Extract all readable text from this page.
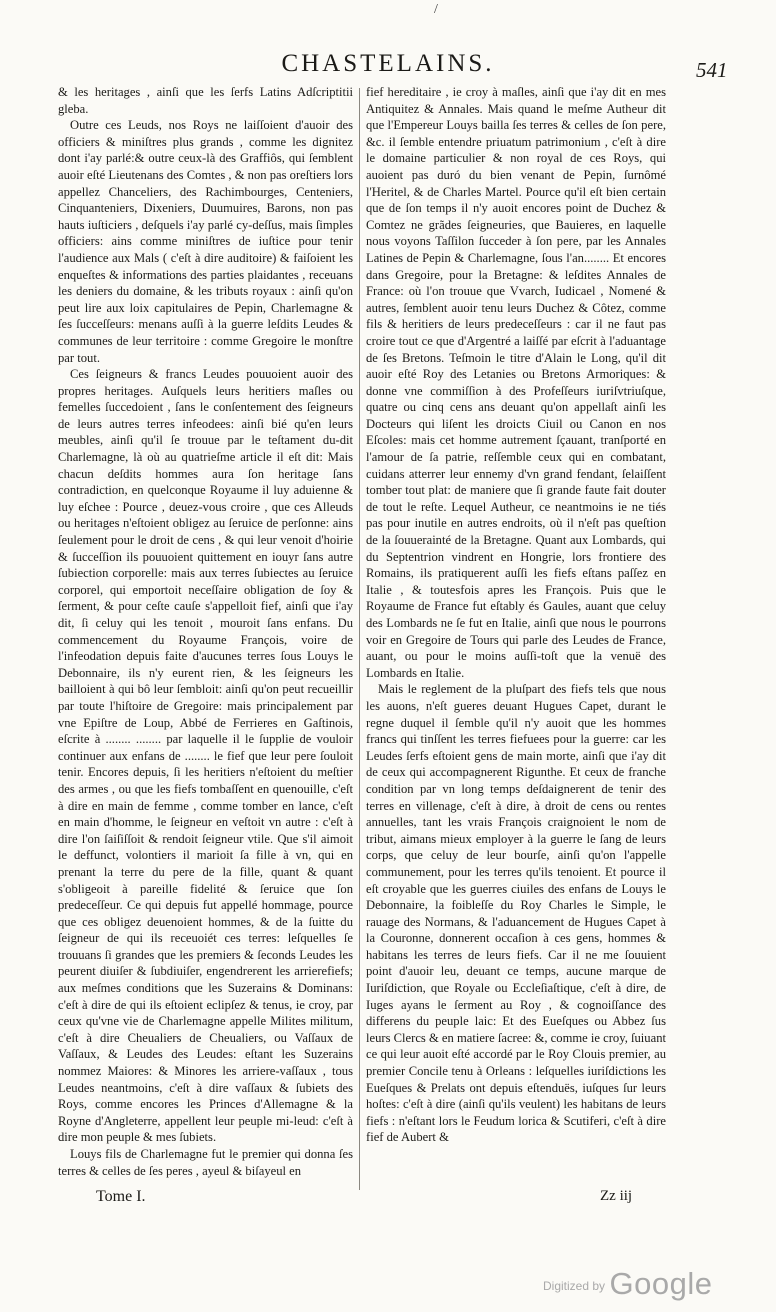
/
CHASTELAINS.	541

& les heritages , ainſi que les ſerfs Latins Adſcriptitii gleba.

Outre ces Leuds, nos Roys ne laiſſoient d'auoir des officiers & miniſtres plus grands , comme les dignitez dont i'ay parlé:& outre ceux-là des Graffiôs, qui ſemblent auoir eſté Lieutenans des Comtes , & non pas oreſtiers lors appellez Chanceliers, des Rachimbourges, Centeniers, Cinquanteniers, Dixeniers, Duumuires, Barons, non pas hauts iuſticiers , deſquels i'ay parlé cy-deſſus, mais ſimples officiers: ains comme miniſtres de iuſtice pour tenir l'audience aux Mals ( c'eſt à dire auditoire) & faiſoient les enqueſtes & informations des parties plaidantes , receuans les deniers du domaine, & les tributs royaux : ainſi qu'on peut lire aux loix capitulaires de Pepin, Charlemagne & ſes ſucceſſeurs: menans auſſi à la guerre leſdits Leudes & communes de leur territoire : comme Gregoire le monſtre par tout.

Ces ſeigneurs & francs Leudes pouuoient auoir des propres heritages. Auſquels leurs heritiers maſles ou femelles ſuccedoient , ſans le conſentement des ſeigneurs de leurs autres terres infeodees: ainſi bié qu'en leurs meubles, ainſi qu'il ſe trouue par le teſtament du-dit Charlemagne, là où au quatrieſme article il eſt dit: Mais chacun deſdits hommes aura ſon heritage ſans contradiction, en quelconque Royaume il luy aduienne & luy eſchee : Pource , deuez-vous croire , que ces Alleuds ou heritages n'eſtoient obligez au ſeruice de perſonne: ains ſeulement pour le droit de cens , & qui leur venoit d'hoirie & ſucceſſion ils pouuoient quittement en iouyr ſans autre ſubiection corporelle: mais aux terres ſubiectes au ſeruice corporel, qui emportoit neceſſaire obligation de ſoy & ſerment, & pour ceſte cauſe s'appelloit fief, ainſi que i'ay dit, ſi celuy qui les tenoit , mouroit ſans enfans. Du commencement du Royaume François, voire de l'infeodation depuis faite d'aucunes terres ſous Louys le Debonnaire, ils n'y eurent rien, & les ſeigneurs les bailloient à qui bô leur ſembloit: ainſi qu'on peut recueillir par toute l'hiſtoire de Gregoire: mais principalement par vne Epiſtre de Loup, Abbé de Ferrieres en Gaſtinois, eſcrite à ........ ........ par laquelle il le ſupplie de vouloir continuer aux enfans de ........ le fief que leur pere ſouloit tenir. Encores depuis, ſi les heritiers n'eſtoient du meſtier des armes , ou que les fiefs tombaſſent en quenouille, c'eſt à dire en main de femme , comme tomber en lance, c'eſt en main d'homme, le ſeigneur en veſtoit vn autre : c'eſt à dire l'on ſaiſiſſoit & rendoit ſeigneur vtile. Que s'il aimoit le deffunct, volontiers il marioit ſa fille à vn, qui en prenant la terre du pere de la fille, quant & quant s'obligeoit à pareille fidelité & ſeruice que ſon predeceſſeur. Ce qui depuis fut appellé hommage, pource que ces obligez deuenoient hommes, & de la ſuitte du ſeigneur de qui ils receuoiét ces terres: leſquelles ſe trouuans ſi grandes que les premiers & ſeconds Leudes les peurent diuiſer & ſubdiuiſer, engendrerent les arrierefiefs; aux meſmes conditions que les Suzerains & Dominans: c'eſt à dire de qui ils eſtoient eclipſez & tenus, ie croy, par ceux qu'vne vie de Charlemagne appelle Milites militum, c'eſt à dire Cheualiers de Cheualiers, ou Vaſſaux de Vaſſaux, & Leudes des Leudes: eſtant les Suzerains nommez Maiores: & Minores les arriere-vaſſaux , tous Leudes neantmoins, c'eſt à dire vaſſaux & ſubiets des Roys, comme encores les Princes d'Allemagne & la Royne d'Angleterre, appellent leur peuple mi-leud: c'eſt à dire mon peuple & mes ſubiets.

Louys fils de Charlemagne fut le premier qui donna ſes terres & celles de ſes peres , ayeul & biſayeul en

fief hereditaire , ie croy à maſles, ainſi que i'ay dit en mes Antiquitez & Annales. Mais quand le meſme Autheur dit que l'Empereur Louys bailla ſes terres & celles de ſon pere, &c. il ſemble entendre priuatum patrimonium , c'eſt à dire le domaine particulier & non royal de ces Roys, qui auoient pas duró du bien venant de Pepin, ſurnômé l'Heritel, & de Charles Martel. Pource qu'il eſt bien certain que de ſon temps il n'y auoit encores point de Duchez & Comtez ne grãdes ſeigneuries, que Bauieres, en laquelle nous voyons Taſſilon ſucceder à ſon pere, par les Annales Latines de Pepin & Charlemagne, ſous l'an........ Et encores dans Gregoire, pour la Bretagne: & leſdites Annales de France: où l'on trouue que Vvarch, Iudicael , Nomené & autres, ſemblent auoir tenu leurs Duchez & Côtez, comme fils & heritiers de leurs predeceſſeurs : car il ne faut pas croire tout ce que d'Argentré a laiſſé par eſcrit à l'aduantage de ſes Bretons. Teſmoin le titre d'Alain le Long, qu'il dit auoir eſté Roy des Letanies ou Bretons Armoriques: & donne vne commiſſion à des Profeſſeurs iuriſvtriuſque, quatre ou cinq cens ans deuant qu'on appellaſt ainſi les Docteurs qui liſent les droicts Ciuil ou Canon en nos Eſcoles: mais cet homme autrement ſçauant, tranſporté en l'amour de ſa patrie, reſſemble ceux qui en combatant, cuidans atterrer leur ennemy d'vn grand fendant, ſelaiſſent tomber tout plat: de maniere que ſi grande faute fait douter de tout le reſte. Lequel Autheur, ce neantmoins ie ne tiés pas pour inutile en autres endroits, où il n'eſt pas queſtion de la ſouuerainté de la Bretagne. Quant aux Lombards, qui du Septentrion vindrent en Hongrie, lors frontiere des Romains, ils pratiquerent auſſi les fiefs eſtans paſſez en Italie , & toutesfois apres les François. Puis que le Royaume de France fut eſtably és Gaules, auant que celuy des Lombards ne ſe fut en Italie, ainſi que nous le pourrons voir en Gregoire de Tours qui parle des Leudes de France, auant, ou pour le moins auſſi-toſt que la venuë des Lombards en Italie.

Mais le reglement de la pluſpart des fiefs tels que nous les auons, n'eſt gueres deuant Hugues Capet, durant le regne duquel il ſemble qu'il n'y auoit que les hommes francs qui tinſſent les terres fiefuees pour la guerre: car les Leudes ſerfs eſtoient gens de main morte, ainſi que i'ay dit de ceux qui accompagnerent Rigunthe. Et ceux de franche condition par vn long temps deſdaignerent de tenir des terres en villenage, c'eſt à dire, à droit de cens ou rentes annuelles, tant les vrais François craignoient le nom de tribut, aimans mieux employer à la guerre le ſang de leurs corps, que celuy de leur bourſe, ainſi qu'on l'appelle communement, pour les terres qu'ils tenoient. Et pource il eſt croyable que les guerres ciuiles des enfans de Louys le Debonnaire, la foibleſſe du Roy Charles le Simple, le rauage des Normans, & l'aduancement de Hugues Capet à la Couronne, donnerent occaſion à ces gens, hommes & habitans les terres de leurs fiefs. Car il ne me ſouuient point d'auoir leu, deuant ce temps, aucune marque de Iuriſdiction, que Royale ou Eccleſiaſtique, c'eſt à dire, de Iuges ayans le ſerment au Roy , & cognoiſſance des differens du peuple laic: Et des Eueſques ou Abbez ſus leurs Clercs & en matiere ſacree: &, comme ie croy, ſuiuant ce qui leur auoit eſté accordé par le Roy Clouis premier, au premier Concile tenu à Orleans : leſquelles iuriſdictions les Eueſques & Prelats ont depuis eſtenduës, iuſques ſur leurs hoſtes: c'eſt à dire (ainſi qu'ils veulent) les habitans de leurs fiefs : n'eſtant lors le Feudum lorica & Scutiferi, c'eſt à dire fief de Aubert &

Tome I.	Zz iij
$^{Digitized by}$ Google
